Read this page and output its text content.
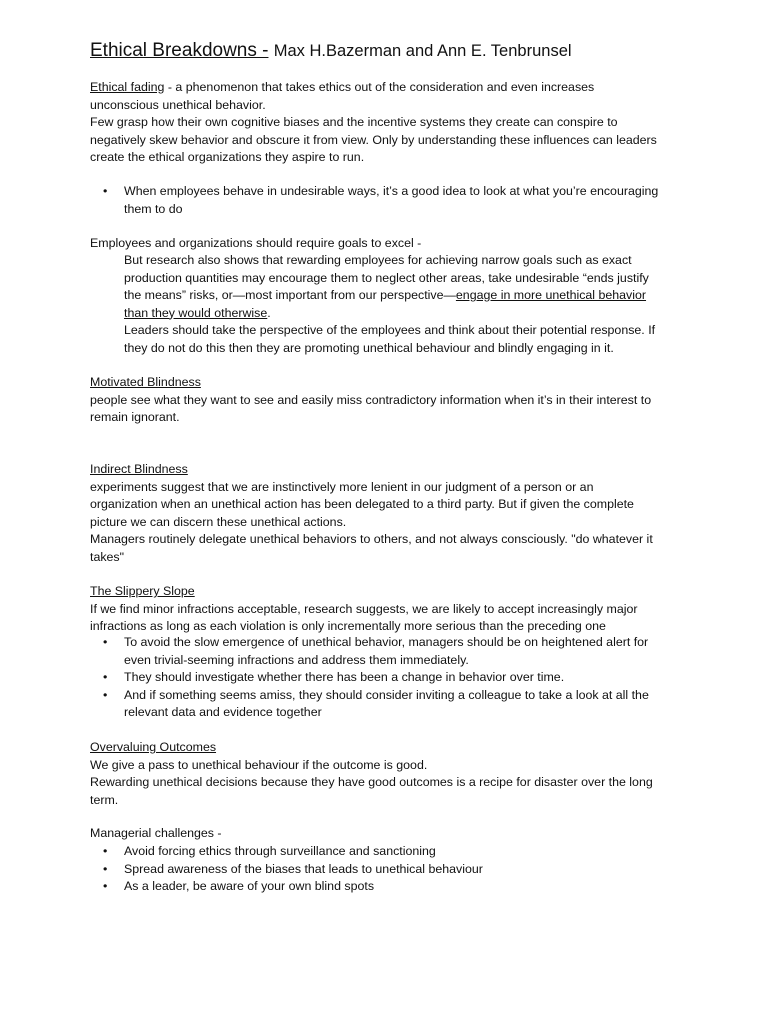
Ethical Breakdowns - Max H.Bazerman and Ann E. Tenbrunsel

Ethical fading - a phenomenon that takes ethics out of the consideration and even increases

unconscious unethical behavior.

Few grasp how their own cognitive biases and the incentive systems they create can conspire to

negatively skew behavior and obscure it from view. Only by understanding these influences can leaders

create the ethical organizations they aspire to run.

• When employees behave in undesirable ways, it’s a good idea to look at what you’re encouraging
them to do

Employees and organizations should require goals to excel -

But research also shows that rewarding employees for achieving narrow goals such as exact

production quantities may encourage them to neglect other areas, take undesirable “ends justify

the means” risks, or—most important from our perspective—engage in more unethical behavior

than they would otherwise.

Leaders should take the perspective of the employees and think about their potential response. If

they do not do this then they are promoting unethical behaviour and blindly engaging in it.

Motivated Blindness

people see what they want to see and easily miss contradictory information when it’s in their interest to

remain ignorant.

Indirect Blindness

experiments suggest that we are instinctively more lenient in our judgment of a person or an

organization when an unethical action has been delegated to a third party. But if given the complete

picture we can discern these unethical actions.

Managers routinely delegate unethical behaviors to others, and not always consciously. "do whatever it

takes"

The Slippery Slope

If we find minor infractions acceptable, research suggests, we are likely to accept increasingly major

infractions as long as each violation is only incrementally more serious than the preceding one

• To avoid the slow emergence of unethical behavior, managers should be on heightened alert for
even trivial-seeming infractions and address them immediately.
• They should investigate whether there has been a change in behavior over time.
• And if something seems amiss, they should consider inviting a colleague to take a look at all the
relevant data and evidence together

Overvaluing Outcomes

We give a pass to unethical behaviour if the outcome is good.

Rewarding unethical decisions because they have good outcomes is a recipe for disaster over the long

term.

Managerial challenges -

• Avoid forcing ethics through surveillance and sanctioning
• Spread awareness of the biases that leads to unethical behaviour
• As a leader, be aware of your own blind spots
